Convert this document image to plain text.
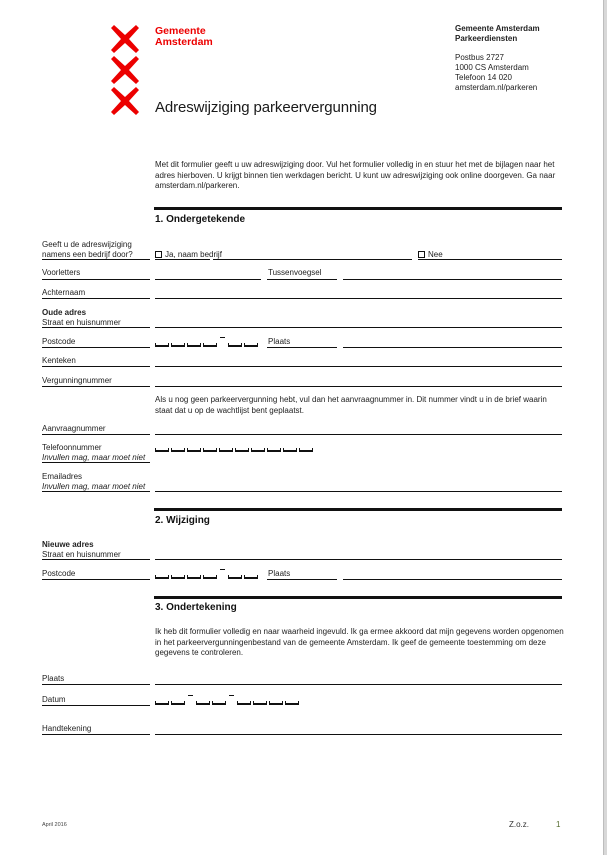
Gemeente
Amsterdam
Adreswijziging parkeervergunning
Gemeente Amsterdam
Parkeerdiensten
Postbus 2727
1000 CS Amsterdam
Telefoon 14 020
amsterdam.nl/parkeren
Met dit formulier geeft u uw adreswijziging door. Vul het formulier volledig in en stuur het met de bijlagen naar het adres hierboven. U krijgt binnen tien werkdagen bericht. U kunt uw adreswijziging ook online doorgeven. Ga naar amsterdam.nl/parkeren.
1. Ondergetekende
Geeft u de adreswijziging
namens een bedrijf door?	Ja, naam bedrijf	Nee
Voorletters	Tussenvoegsel
Achternaam
Oude adres
Straat en huisnummer
Postcode	Plaats
Kenteken
Vergunningnummer
Als u nog geen parkeervergunning hebt, vul dan het aanvraagnummer in. Dit nummer vindt u in de brief waarin staat dat u op de wachtlijst bent geplaatst.
Aanvraagnummer
Telefoonnummer
Invullen mag, maar moet niet
Emailadres
Invullen mag, maar moet niet
2. Wijziging
Nieuwe adres
Straat en huisnummer
Postcode	Plaats
3. Ondertekening
Ik heb dit formulier volledig en naar waarheid ingevuld. Ik ga ermee akkoord dat mijn gegevens worden opgenomen in het parkeervergunningenbestand van de gemeente Amsterdam. Ik geef de gemeente toestemming om deze gegevens te controleren.
Plaats
Datum
Handtekening
April 2016	Z.o.z.	1
